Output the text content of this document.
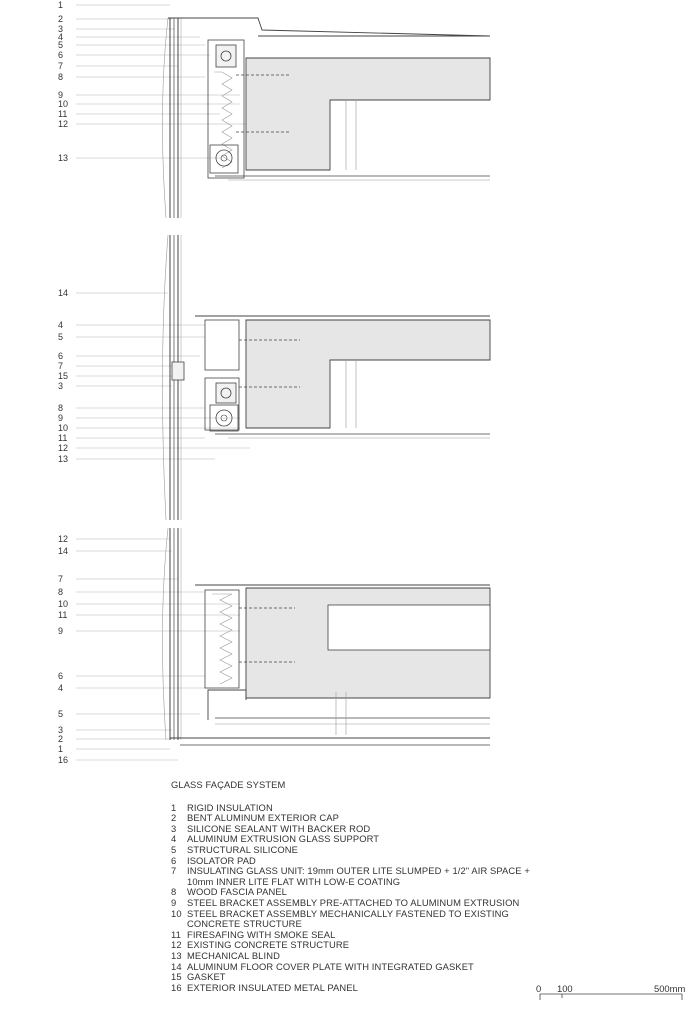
1
2
3
4
5
6
7
8
9
10
11
12
13
14
4
5
6
7
15
3
8
9
10
11
12
13
12
14
7
8
10
11
9
6
4
5
3
2
1
16
GLASS FAÇADE SYSTEM
1	RIGID INSULATION
2	BENT ALUMINUM EXTERIOR CAP
3	SILICONE SEALANT WITH BACKER ROD
4	ALUMINUM EXTRUSION GLASS SUPPORT
5	STRUCTURAL SILICONE
6	ISOLATOR PAD
7	INSULATING GLASS UNIT: 19mm OUTER LITE SLUMPED + 1/2" AIR SPACE + 10mm INNER LITE FLAT WITH LOW-E COATING
8	WOOD FASCIA PANEL
9	STEEL BRACKET ASSEMBLY PRE-ATTACHED TO ALUMINUM EXTRUSION
10 STEEL BRACKET ASSEMBLY MECHANICALLY FASTENED TO EXISTING CONCRETE STRUCTURE
11 FIRESAFING WITH SMOKE SEAL
12 EXISTING CONCRETE STRUCTURE
13 MECHANICAL BLIND
14 ALUMINUM FLOOR COVER PLATE WITH INTEGRATED GASKET
15 GASKET
16 EXTERIOR INSULATED METAL PANEL	0 100	500mm
